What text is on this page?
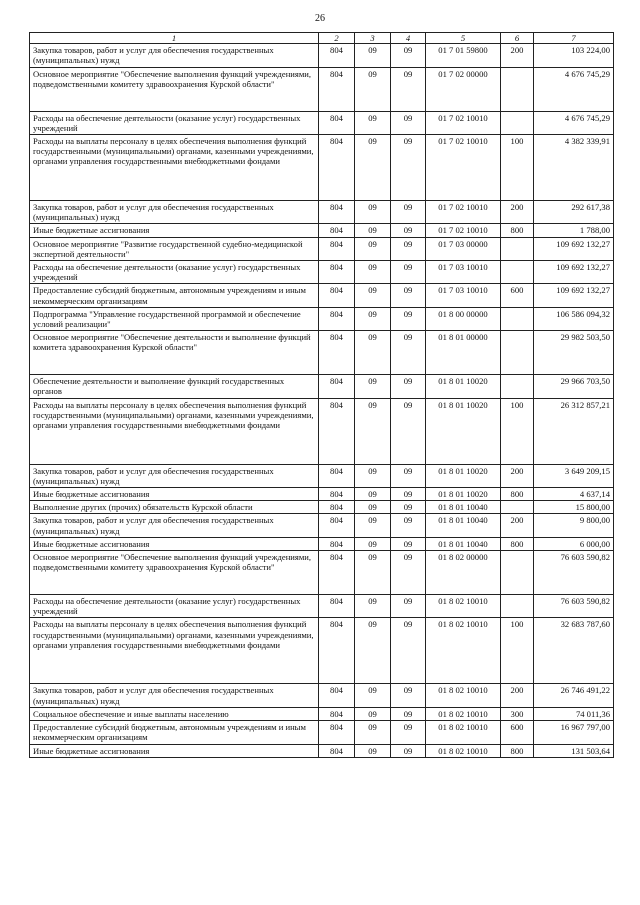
26
1	2	3	4	5	6	7
Закупка товаров, работ и услуг для обеспечения государственных (муниципальных) нужд	804	09	09	01 7 01 59800	200	103 224,00
Основное мероприятие "Обеспечение выполнения функций учреждениями, подведомственными комитету здравоохранения Курской области"	804	09	09	01 7 02 00000		4 676 745,29
Расходы на обеспечение деятельности (оказание услуг) государственных учреждений	804	09	09	01 7 02 10010		4 676 745,29
Расходы на выплаты персоналу в целях обеспечения выполнения функций государственными (муниципальными) органами, казенными учреждениями, органами управления государственными внебюджетными фондами	804	09	09	01 7 02 10010	100	4 382 339,91
Закупка товаров, работ и услуг для обеспечения государственных (муниципальных) нужд	804	09	09	01 7 02 10010	200	292 617,38
Иные бюджетные ассигнования	804	09	09	01 7 02 10010	800	1 788,00
Основное мероприятие "Развитие государственной судебно-медицинской экспертной деятельности"	804	09	09	01 7 03 00000		109 692 132,27
Расходы на обеспечение деятельности (оказание услуг) государственных учреждений	804	09	09	01 7 03 10010		109 692 132,27
Предоставление субсидий бюджетным, автономным учреждениям и иным некоммерческим организациям	804	09	09	01 7 03 10010	600	109 692 132,27
Подпрограмма "Управление государственной программой и обеспечение условий реализации"	804	09	09	01 8 00 00000		106 586 094,32
Основное мероприятие "Обеспечение деятельности и выполнение функций комитета здравоохранения Курской области"	804	09	09	01 8 01 00000		29 982 503,50
Обеспечение деятельности и выполнение функций государственных органов	804	09	09	01 8 01 10020		29 966 703,50
Расходы на выплаты персоналу в целях обеспечения выполнения функций государственными (муниципальными) органами, казенными учреждениями, органами управления государственными внебюджетными фондами	804	09	09	01 8 01 10020	100	26 312 857,21
Закупка товаров, работ и услуг для обеспечения государственных (муниципальных) нужд	804	09	09	01 8 01 10020	200	3 649 209,15
Иные бюджетные ассигнования	804	09	09	01 8 01 10020	800	4 637,14
Выполнение других (прочих) обязательств Курской области	804	09	09	01 8 01 10040		15 800,00
Закупка товаров, работ и услуг для обеспечения государственных (муниципальных) нужд	804	09	09	01 8 01 10040	200	9 800,00
Иные бюджетные ассигнования	804	09	09	01 8 01 10040	800	6 000,00
Основное мероприятие "Обеспечение выполнения функций учреждениями, подведомственными комитету здравоохранения Курской области"	804	09	09	01 8 02 00000		76 603 590,82
Расходы на обеспечение деятельности (оказание услуг) государственных учреждений	804	09	09	01 8 02 10010		76 603 590,82
Расходы на выплаты персоналу в целях обеспечения выполнения функций государственными (муниципальными) органами, казенными учреждениями, органами управления государственными внебюджетными фондами	804	09	09	01 8 02 10010	100	32 683 787,60
Закупка товаров, работ и услуг для обеспечения государственных (муниципальных) нужд	804	09	09	01 8 02 10010	200	26 746 491,22
Социальное обеспечение и иные выплаты населению	804	09	09	01 8 02 10010	300	74 011,36
Предоставление субсидий бюджетным, автономным учреждениям и иным некоммерческим организациям	804	09	09	01 8 02 10010	600	16 967 797,00
Иные бюджетные ассигнования	804	09	09	01 8 02 10010	800	131 503,64
